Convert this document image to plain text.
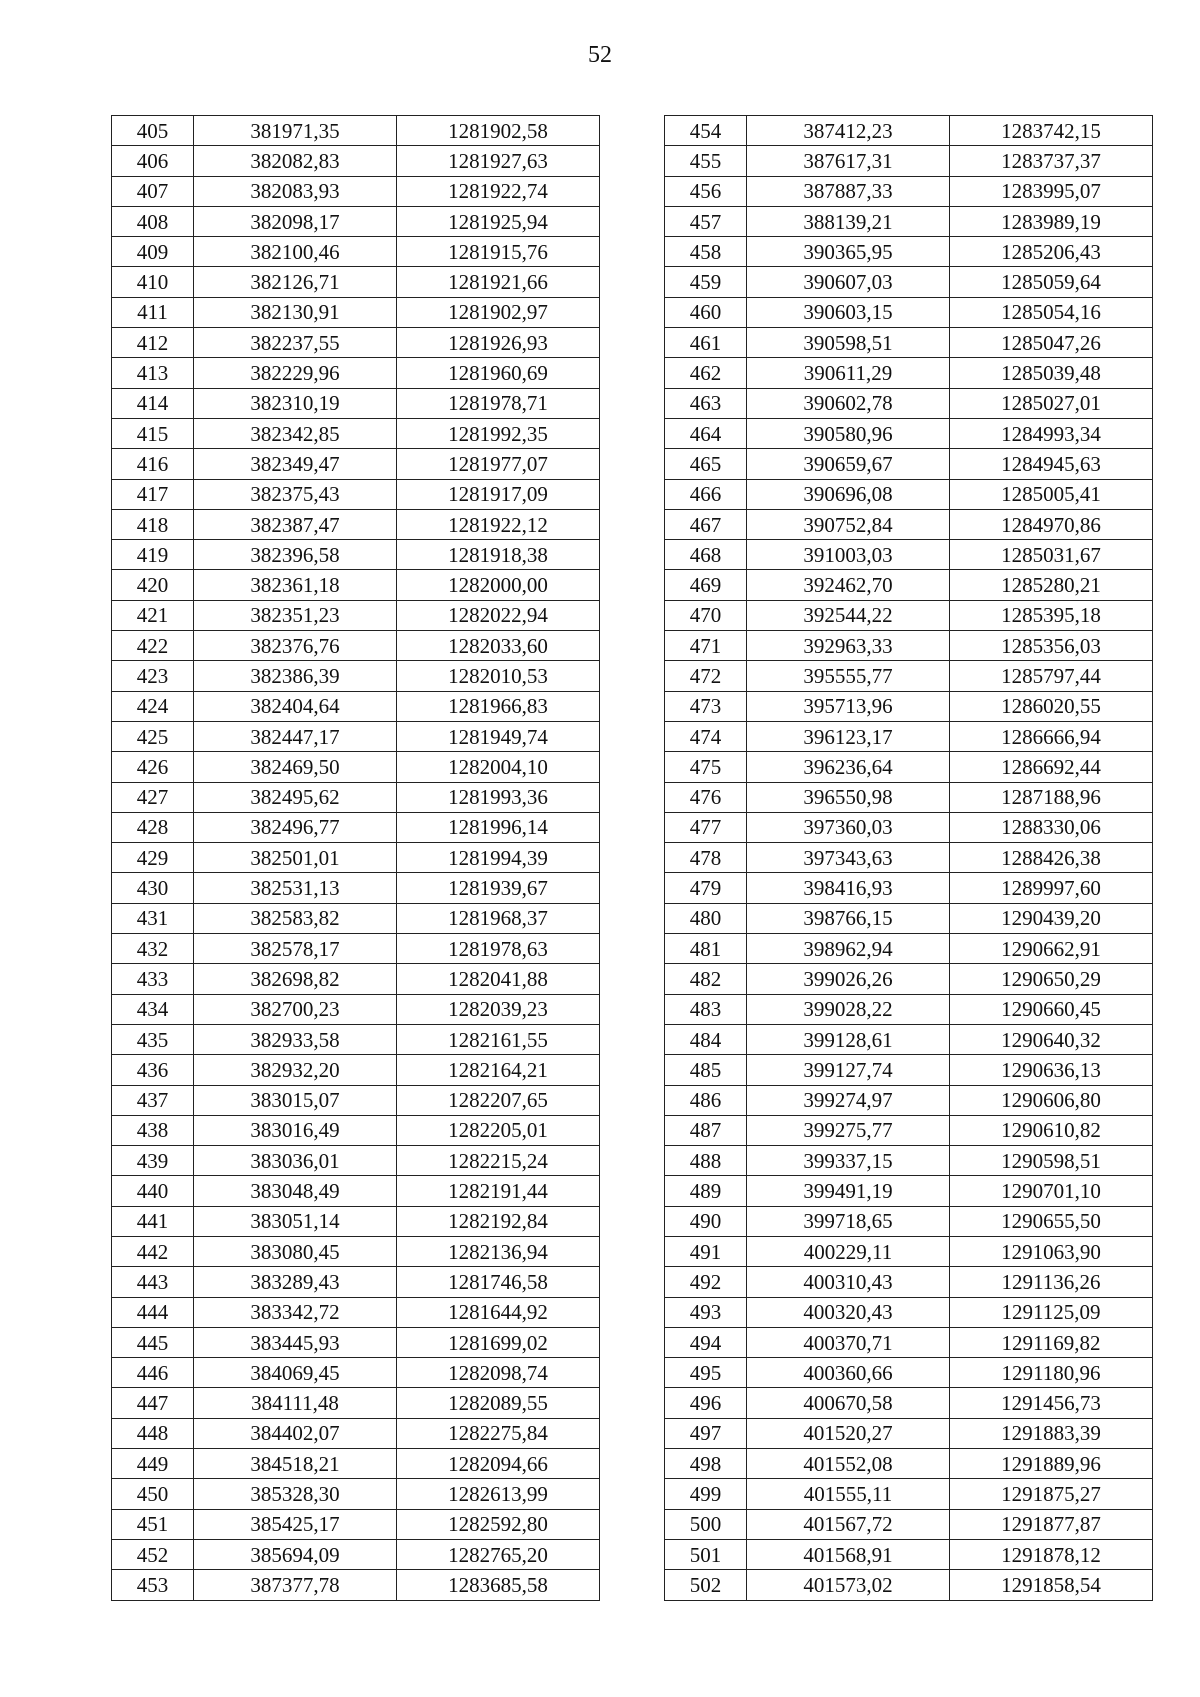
52
405	381971,35	1281902,58
406	382082,83	1281927,63
407	382083,93	1281922,74
408	382098,17	1281925,94
409	382100,46	1281915,76
410	382126,71	1281921,66
411	382130,91	1281902,97
412	382237,55	1281926,93
413	382229,96	1281960,69
414	382310,19	1281978,71
415	382342,85	1281992,35
416	382349,47	1281977,07
417	382375,43	1281917,09
418	382387,47	1281922,12
419	382396,58	1281918,38
420	382361,18	1282000,00
421	382351,23	1282022,94
422	382376,76	1282033,60
423	382386,39	1282010,53
424	382404,64	1281966,83
425	382447,17	1281949,74
426	382469,50	1282004,10
427	382495,62	1281993,36
428	382496,77	1281996,14
429	382501,01	1281994,39
430	382531,13	1281939,67
431	382583,82	1281968,37
432	382578,17	1281978,63
433	382698,82	1282041,88
434	382700,23	1282039,23
435	382933,58	1282161,55
436	382932,20	1282164,21
437	383015,07	1282207,65
438	383016,49	1282205,01
439	383036,01	1282215,24
440	383048,49	1282191,44
441	383051,14	1282192,84
442	383080,45	1282136,94
443	383289,43	1281746,58
444	383342,72	1281644,92
445	383445,93	1281699,02
446	384069,45	1282098,74
447	384111,48	1282089,55
448	384402,07	1282275,84
449	384518,21	1282094,66
450	385328,30	1282613,99
451	385425,17	1282592,80
452	385694,09	1282765,20
453	387377,78	1283685,58
454	387412,23	1283742,15
455	387617,31	1283737,37
456	387887,33	1283995,07
457	388139,21	1283989,19
458	390365,95	1285206,43
459	390607,03	1285059,64
460	390603,15	1285054,16
461	390598,51	1285047,26
462	390611,29	1285039,48
463	390602,78	1285027,01
464	390580,96	1284993,34
465	390659,67	1284945,63
466	390696,08	1285005,41
467	390752,84	1284970,86
468	391003,03	1285031,67
469	392462,70	1285280,21
470	392544,22	1285395,18
471	392963,33	1285356,03
472	395555,77	1285797,44
473	395713,96	1286020,55
474	396123,17	1286666,94
475	396236,64	1286692,44
476	396550,98	1287188,96
477	397360,03	1288330,06
478	397343,63	1288426,38
479	398416,93	1289997,60
480	398766,15	1290439,20
481	398962,94	1290662,91
482	399026,26	1290650,29
483	399028,22	1290660,45
484	399128,61	1290640,32
485	399127,74	1290636,13
486	399274,97	1290606,80
487	399275,77	1290610,82
488	399337,15	1290598,51
489	399491,19	1290701,10
490	399718,65	1290655,50
491	400229,11	1291063,90
492	400310,43	1291136,26
493	400320,43	1291125,09
494	400370,71	1291169,82
495	400360,66	1291180,96
496	400670,58	1291456,73
497	401520,27	1291883,39
498	401552,08	1291889,96
499	401555,11	1291875,27
500	401567,72	1291877,87
501	401568,91	1291878,12
502	401573,02	1291858,54
